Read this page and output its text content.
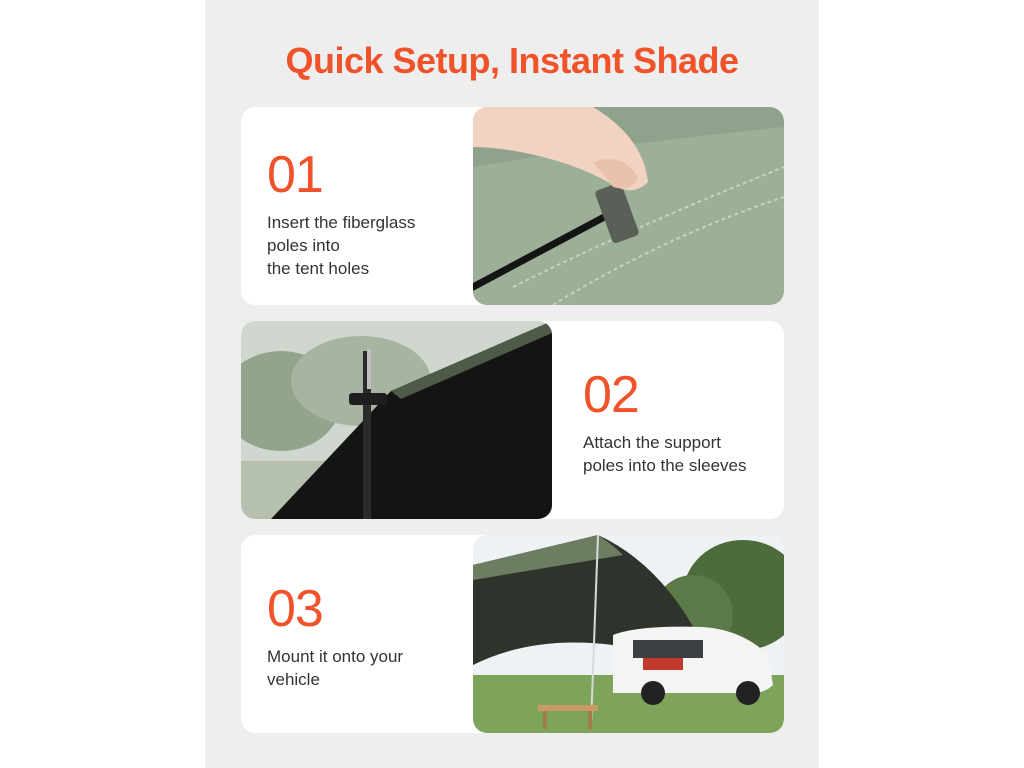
Quick Setup, Instant Shade
01
Insert the fiberglass
poles into
the tent holes
02
Attach the support
poles into the sleeves
03
Mount it onto your
vehicle
